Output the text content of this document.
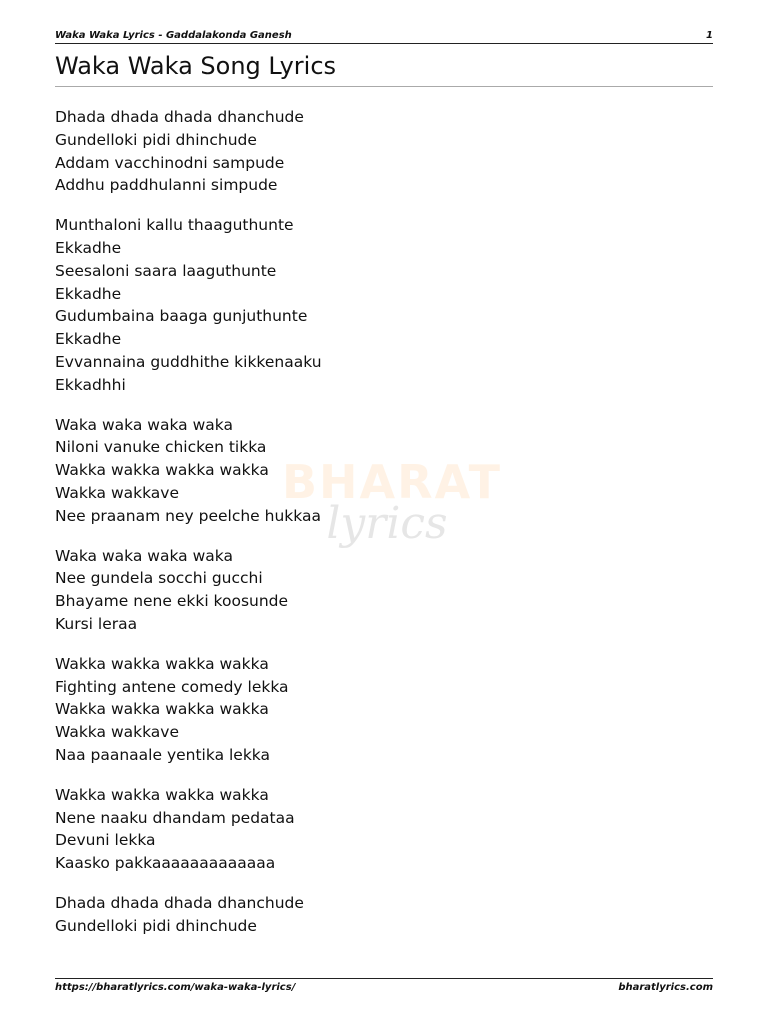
Waka Waka Lyrics - Gaddalakonda Ganesh	1
Waka Waka Song Lyrics
BHARAT
lyrics
Dhada dhada dhada dhanchude
Gundelloki pidi dhinchude
Addam vacchinodni sampude
Addhu paddhulanni simpude
Munthaloni kallu thaaguthunte
Ekkadhe
Seesaloni saara laaguthunte
Ekkadhe
Gudumbaina baaga gunjuthunte
Ekkadhe
Evvannaina guddhithe kikkenaaku
Ekkadhhi
Waka waka waka waka
Niloni vanuke chicken tikka
Wakka wakka wakka wakka
Wakka wakkave
Nee praanam ney peelche hukkaa
Waka waka waka waka
Nee gundela socchi gucchi
Bhayame nene ekki koosunde
Kursi leraa
Wakka wakka wakka wakka
Fighting antene comedy lekka
Wakka wakka wakka wakka
Wakka wakkave
Naa paanaale yentika lekka
Wakka wakka wakka wakka
Nene naaku dhandam pedataa
Devuni lekka
Kaasko pakkaaaaaaaaaaaaa
Dhada dhada dhada dhanchude
Gundelloki pidi dhinchude
https://bharatlyrics.com/waka-waka-lyrics/	bharatlyrics.com
